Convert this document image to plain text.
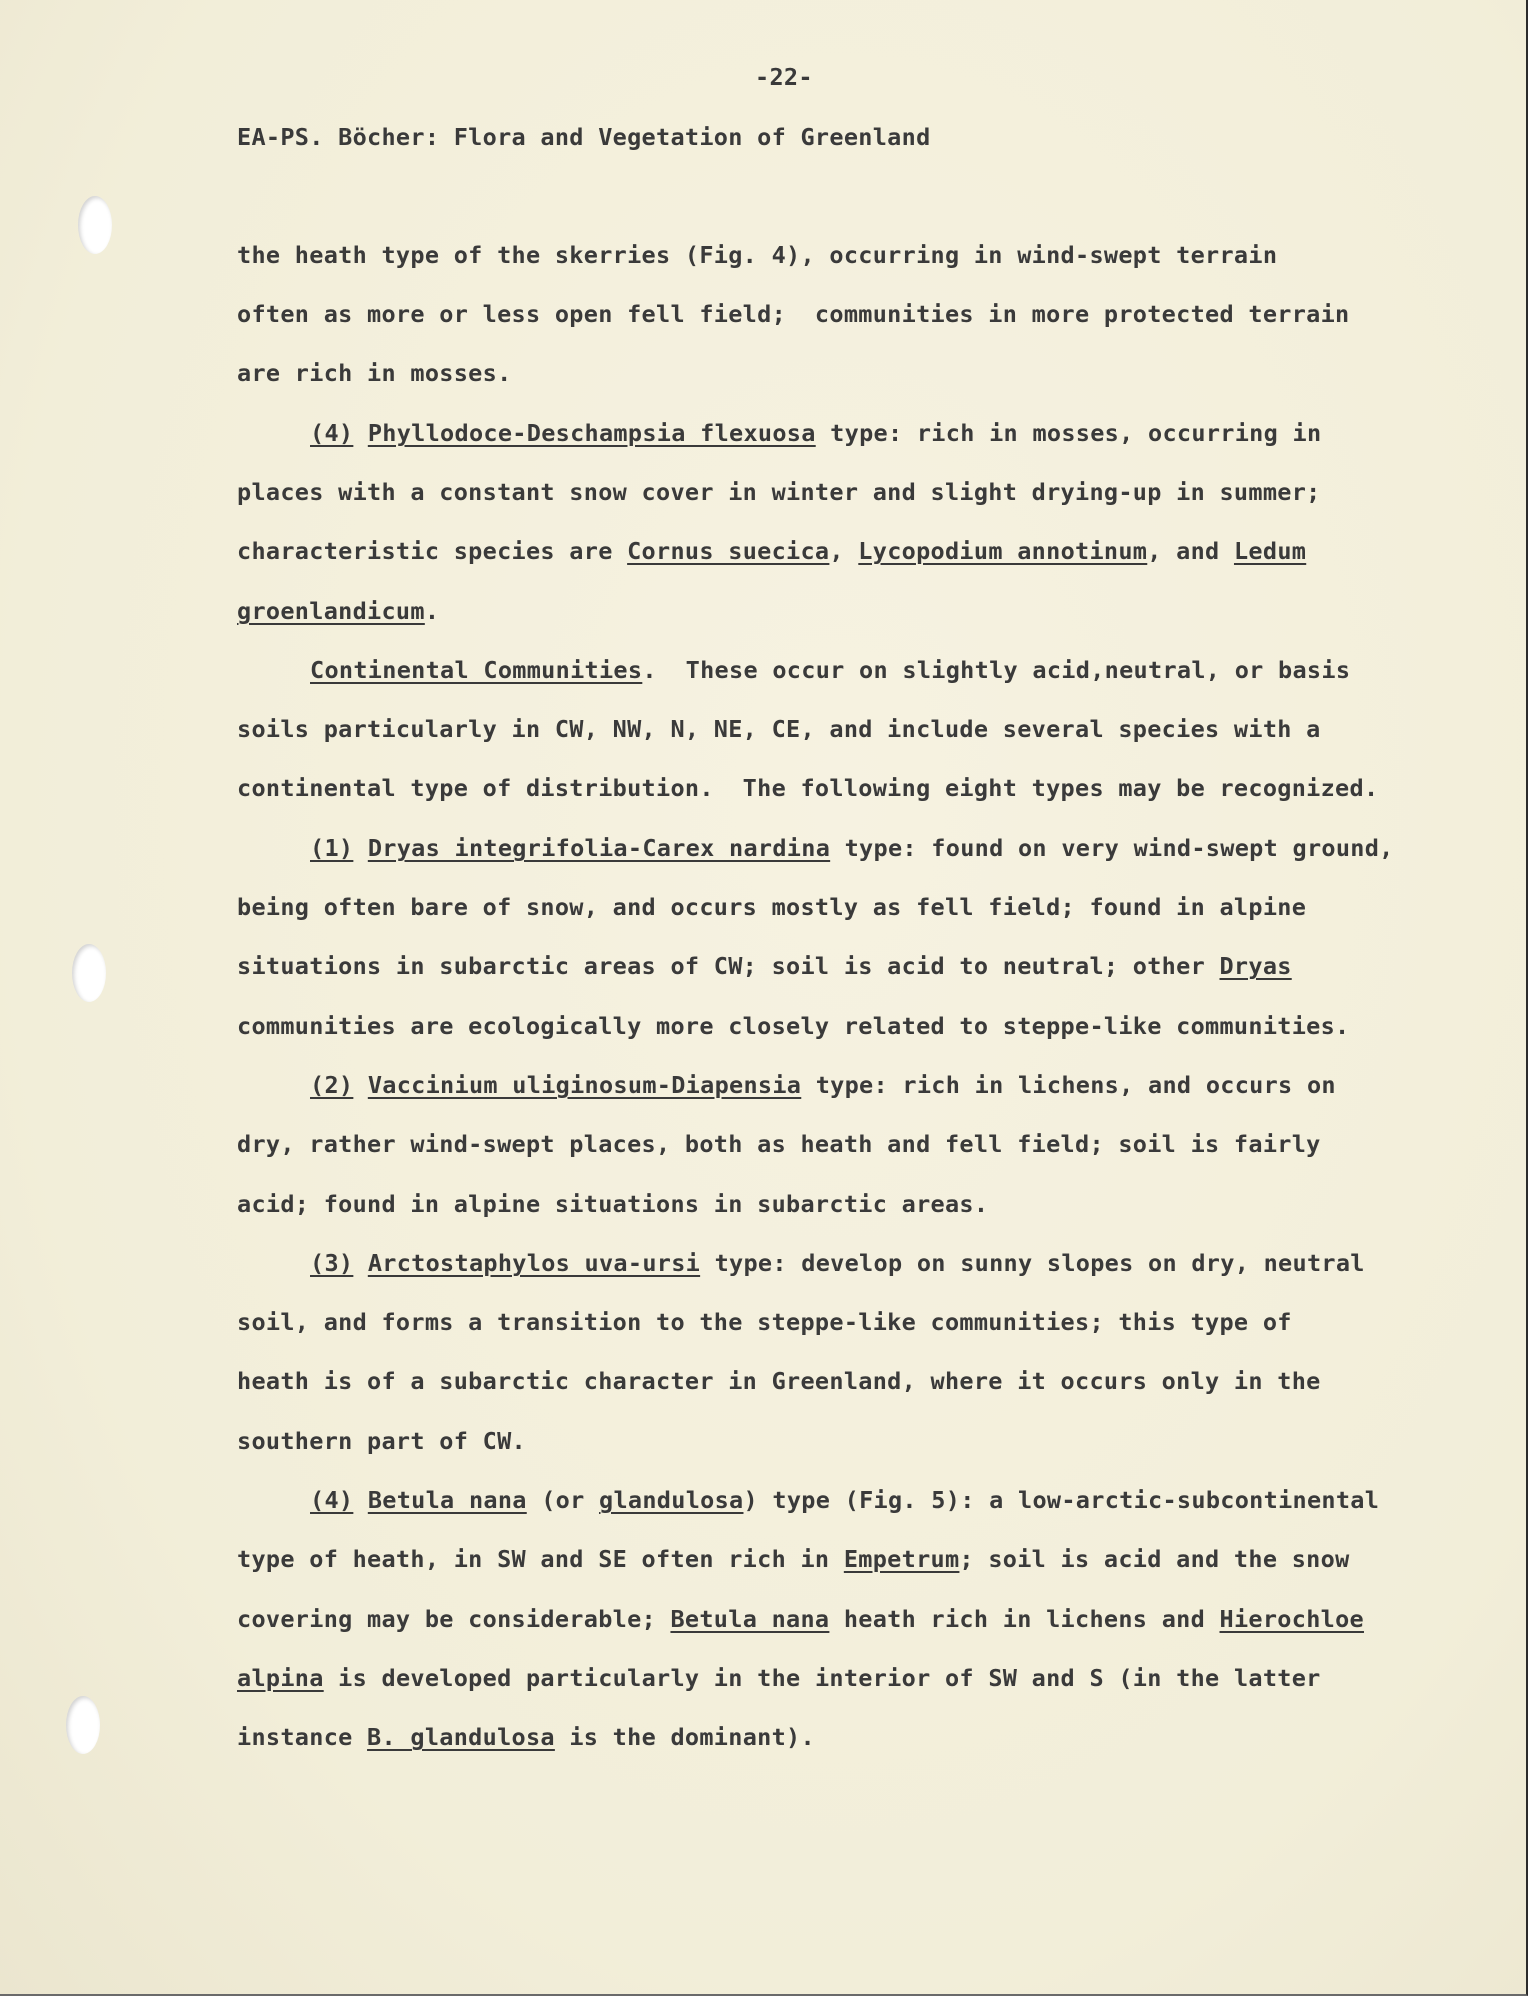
-22-
EA-PS. Böcher: Flora and Vegetation of Greenland
the heath type of the skerries (Fig. 4), occurring in wind-swept terrain
often as more or less open fell field;  communities in more protected terrain
are rich in mosses.
(4) Phyllodoce-Deschampsia flexuosa type: rich in mosses, occurring in
places with a constant snow cover in winter and slight drying-up in summer;
characteristic species are Cornus suecica, Lycopodium annotinum, and Ledum
groenlandicum.
Continental Communities.  These occur on slightly acid,neutral, or basis
soils particularly in CW, NW, N, NE, CE, and include several species with a
continental type of distribution.  The following eight types may be recognized.
(1) Dryas integrifolia-Carex nardina type: found on very wind-swept ground,
being often bare of snow, and occurs mostly as fell field; found in alpine
situations in subarctic areas of CW; soil is acid to neutral; other Dryas
communities are ecologically more closely related to steppe-like communities.
(2) Vaccinium uliginosum-Diapensia type: rich in lichens, and occurs on
dry, rather wind-swept places, both as heath and fell field; soil is fairly
acid; found in alpine situations in subarctic areas.
(3) Arctostaphylos uva-ursi type: develop on sunny slopes on dry, neutral
soil, and forms a transition to the steppe-like communities; this type of
heath is of a subarctic character in Greenland, where it occurs only in the
southern part of CW.
(4) Betula nana (or glandulosa) type (Fig. 5): a low-arctic-subcontinental
type of heath, in SW and SE often rich in Empetrum; soil is acid and the snow
covering may be considerable; Betula nana heath rich in lichens and Hierochloe
alpina is developed particularly in the interior of SW and S (in the latter
instance B. glandulosa is the dominant).
